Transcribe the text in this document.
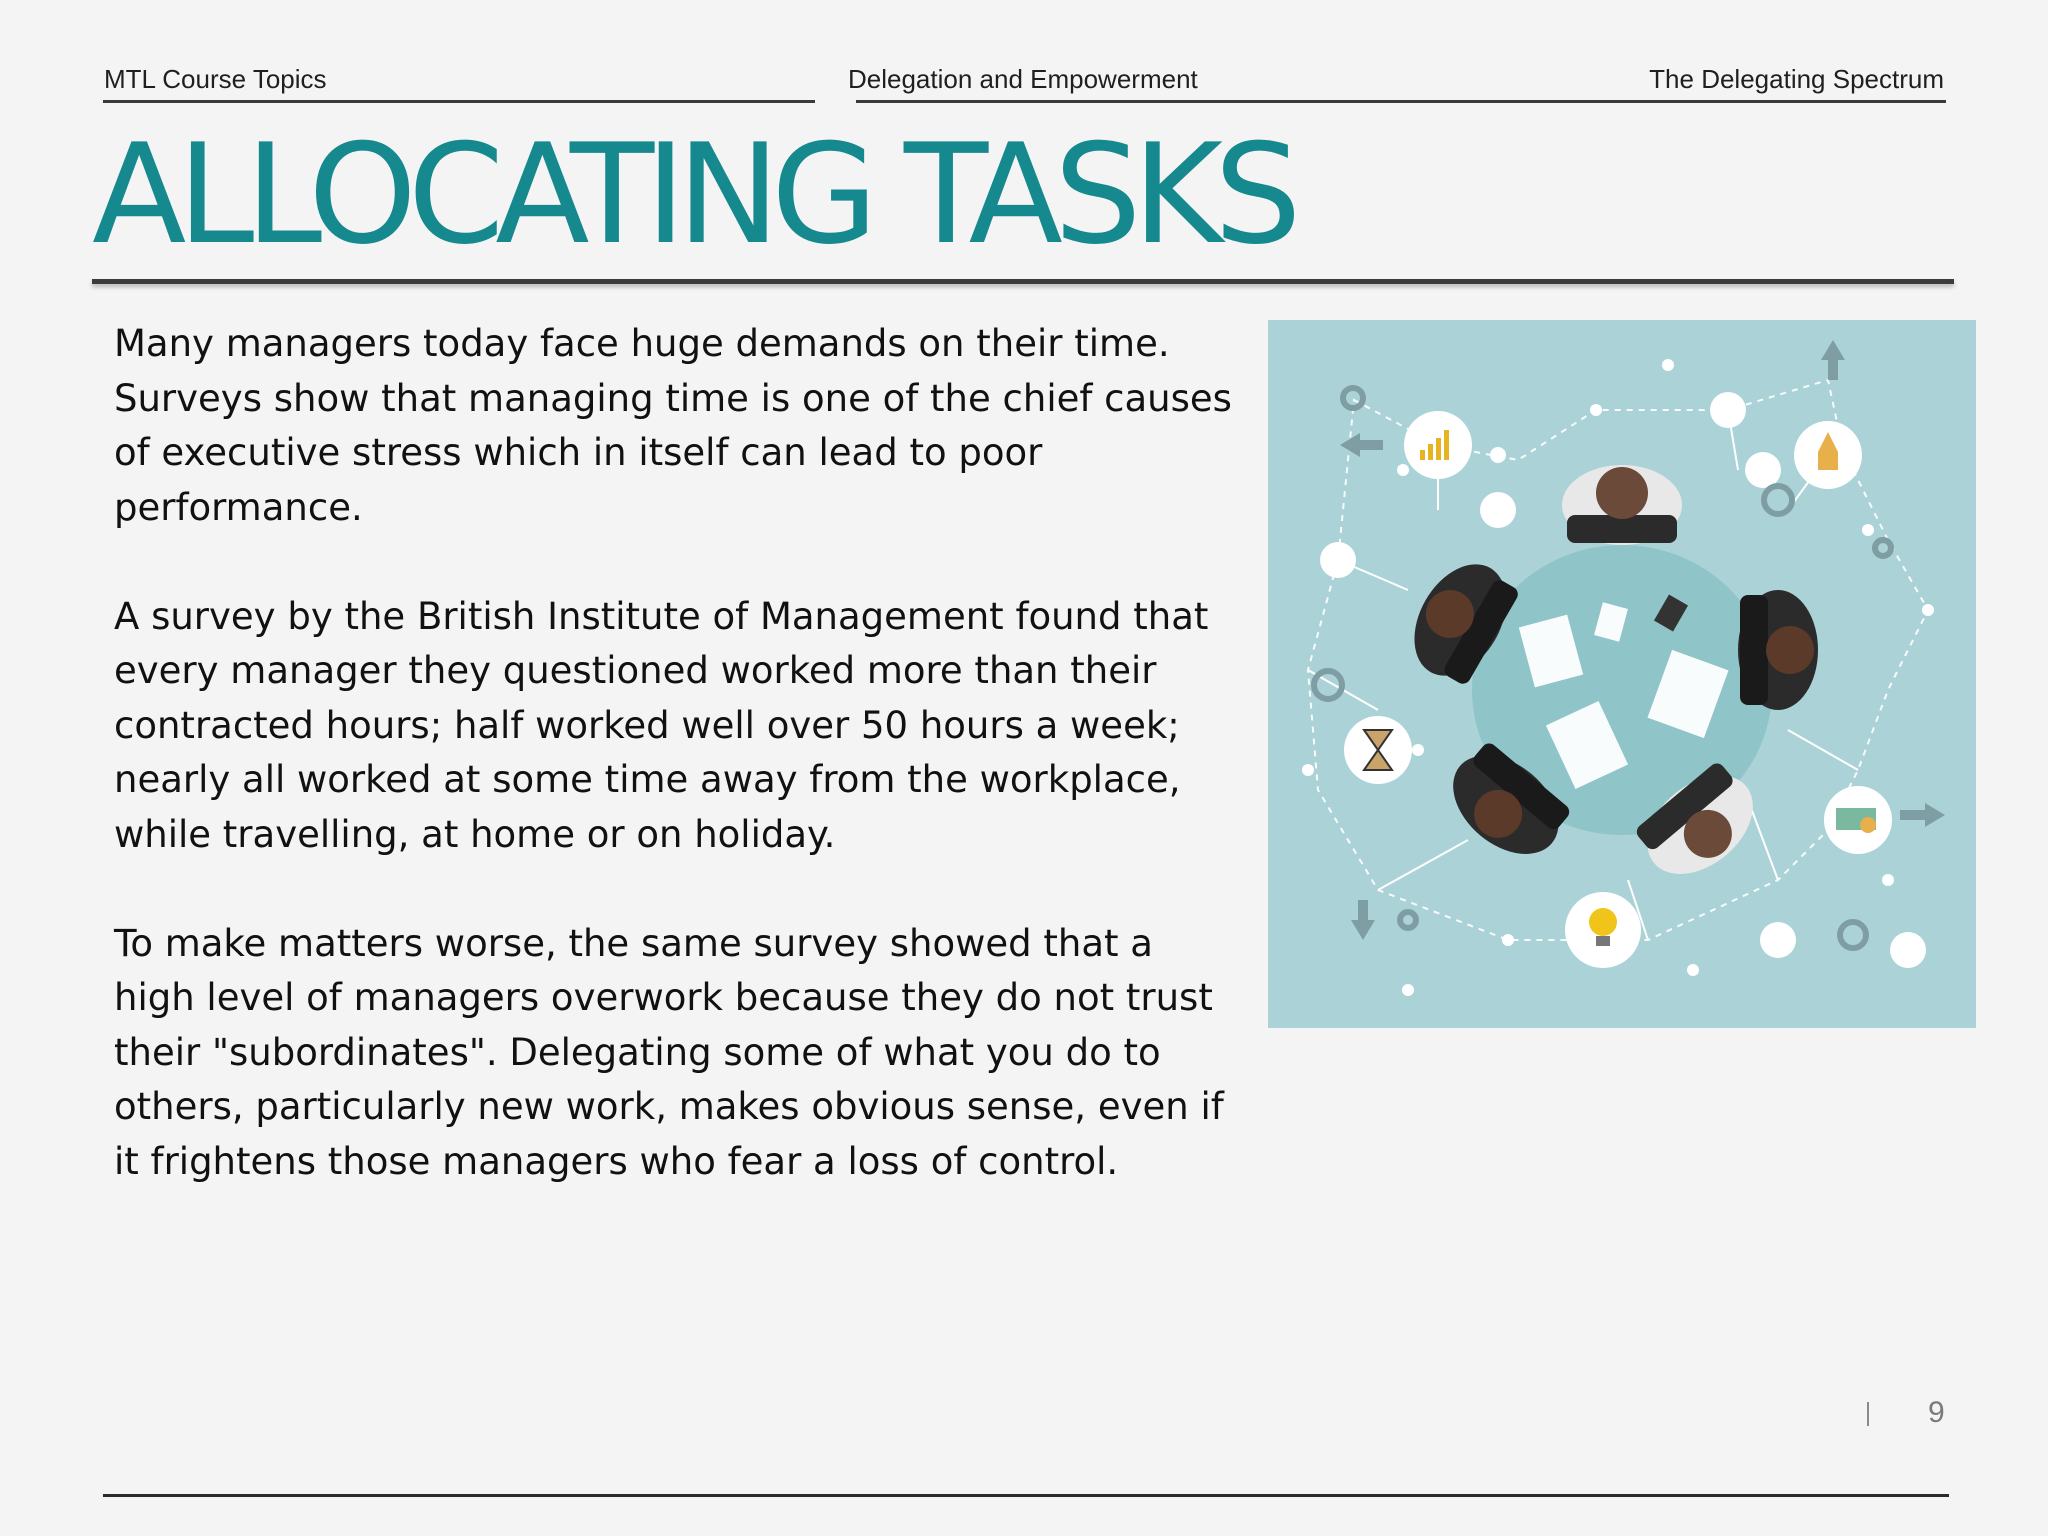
MTL Course Topics	Delegation and Empowerment	The Delegating Spectrum
ALLOCATING TASKS

Many managers today face huge demands on their time. Surveys show that managing time is one of the chief causes of executive stress which in itself can lead to poor performance.

A survey by the British Institute of Management found that every manager they questioned worked more than their contracted hours; half worked well over 50 hours a week; nearly all worked at some time away from the workplace, while travelling, at home or on holiday.

To make matters worse, the same survey showed that a high level of managers overwork because they do not trust their "subordinates". Delegating some of what you do to others, particularly new work, makes obvious sense, even if it frightens those managers who fear a loss of control.

9
